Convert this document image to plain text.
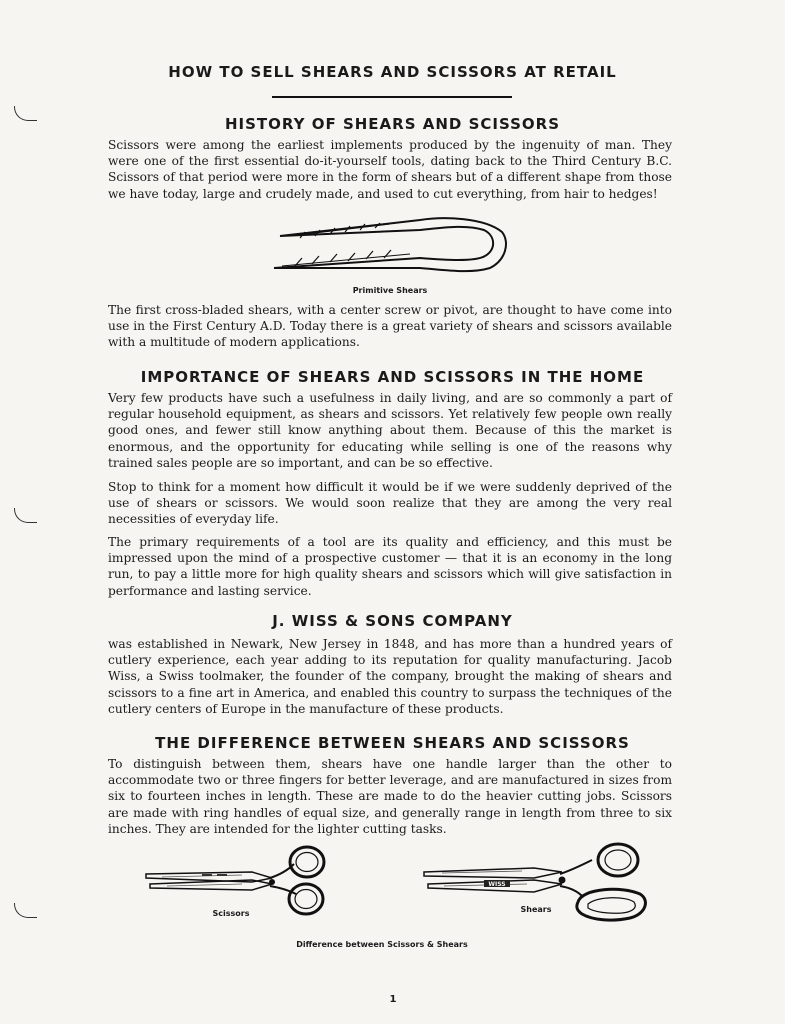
HOW TO SELL SHEARS AND SCISSORS AT RETAIL
HISTORY OF SHEARS AND SCISSORS

Scissors were among the earliest implements produced by the ingenuity of man. They were one of the first essential do-it-yourself tools, dating back to the Third Century B.C. Scissors of that period were more in the form of shears but of a different shape from those we have today, large and crudely made, and used to cut everything, from hair to hedges!

Primitive Shears

The first cross-bladed shears, with a center screw or pivot, are thought to have come into use in the First Century A.D. Today there is a great variety of shears and scissors available with a multitude of modern applications.

IMPORTANCE OF SHEARS AND SCISSORS IN THE HOME

Very few products have such a usefulness in daily living, and are so commonly a part of regular household equipment, as shears and scissors. Yet relatively few people own really good ones, and fewer still know anything about them. Because of this the market is enormous, and the opportunity for educating while selling is one of the reasons why trained sales people are so important, and can be so effective.

Stop to think for a moment how difficult it would be if we were suddenly deprived of the use of shears or scissors. We would soon realize that they are among the very real necessities of everyday life.

The primary requirements of a tool are its quality and efficiency, and this must be impressed upon the mind of a prospective customer — that it is an economy in the long run, to pay a little more for high quality shears and scissors which will give satisfaction in performance and lasting service.

J. WISS & SONS COMPANY

was established in Newark, New Jersey in 1848, and has more than a hundred years of cutlery experience, each year adding to its reputation for quality manufacturing. Jacob Wiss, a Swiss toolmaker, the founder of the company, brought the making of shears and scissors to a fine art in America, and enabled this country to surpass the techniques of the cutlery centers of Europe in the manufacture of these products.

THE DIFFERENCE BETWEEN SHEARS AND SCISSORS

To distinguish between them, shears have one handle larger than the other to accommodate two or three fingers for better leverage, and are manufactured in sizes from six to fourteen inches in length. These are made to do the heavier cutting jobs. Scissors are made with ring handles of equal size, and generally range in length from three to six inches. They are intended for the lighter cutting tasks.

Scissors
WISS
Shears
Difference between Scissors & Shears
1
